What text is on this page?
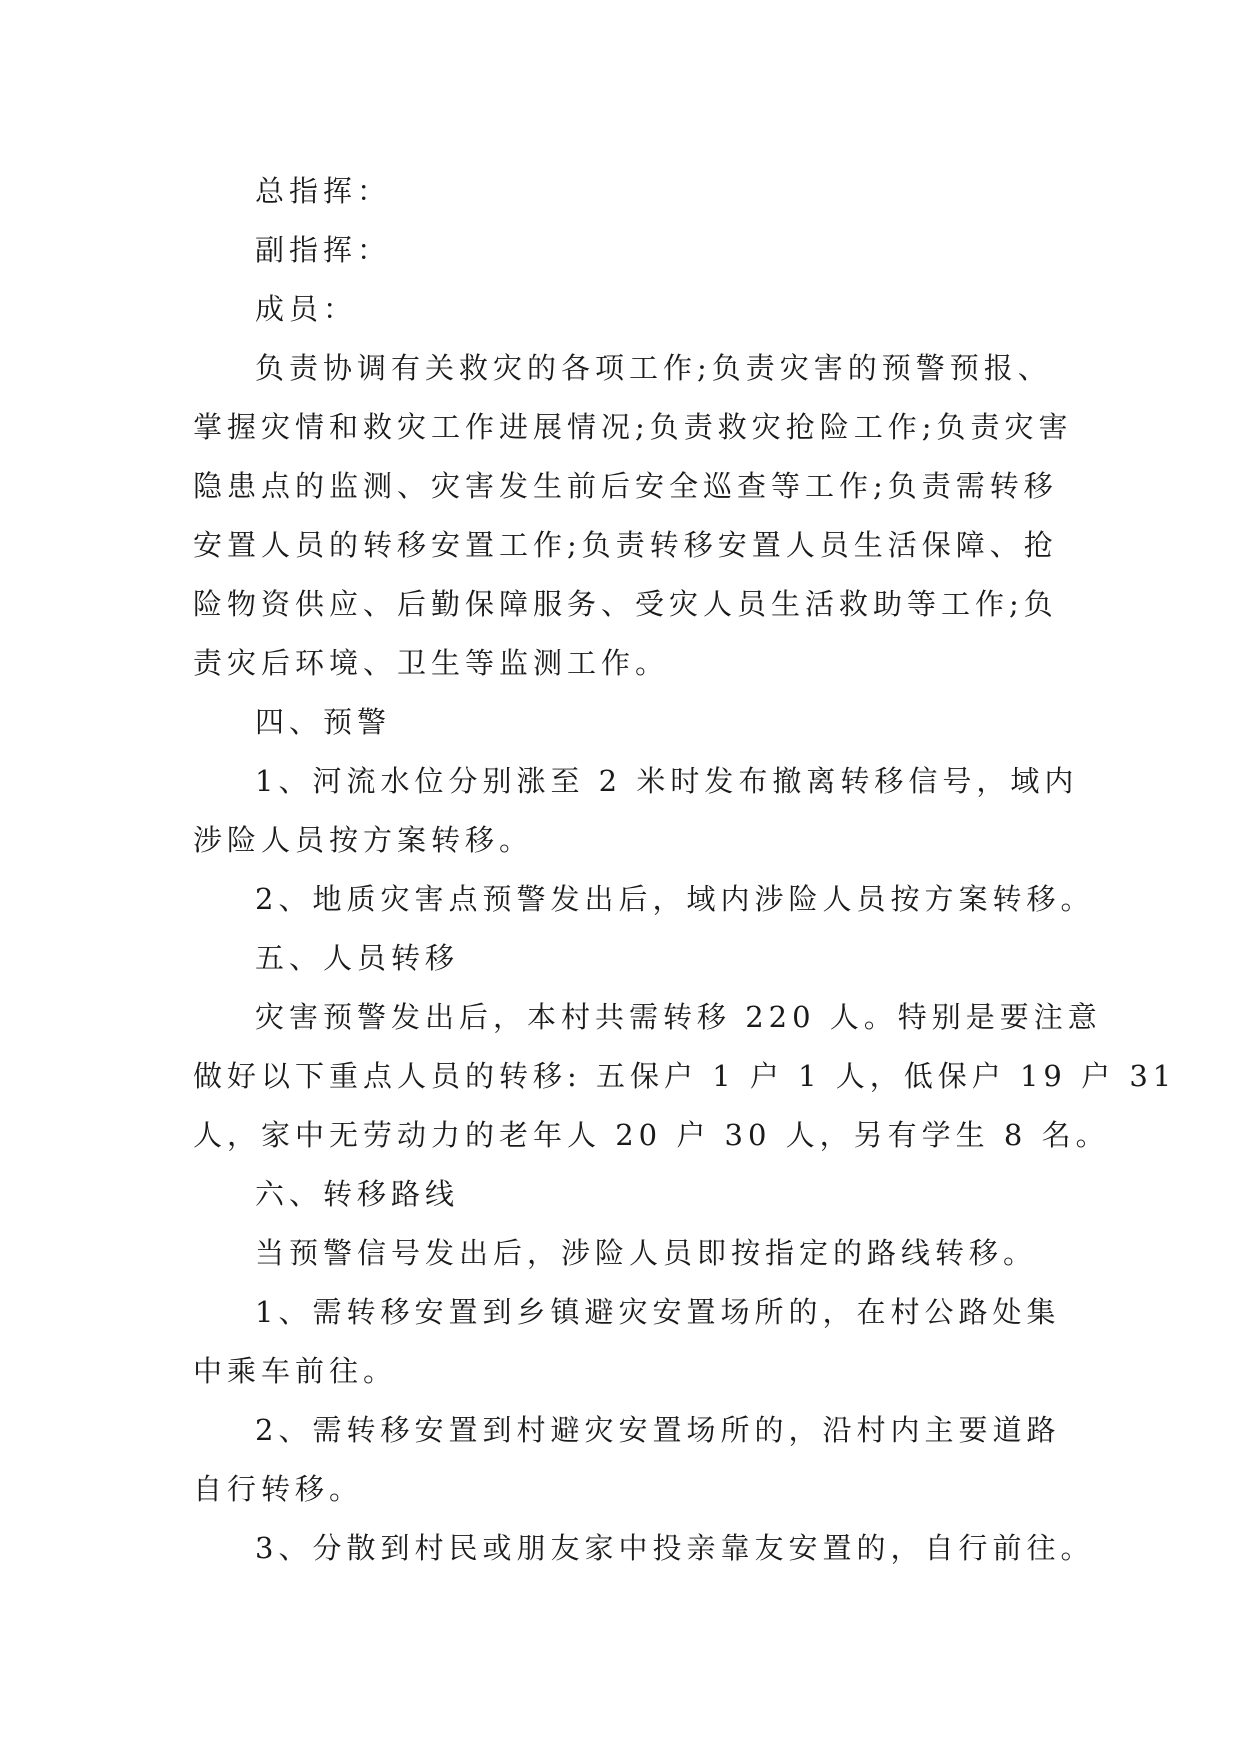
总指挥：

副指挥：

成员：

负责协调有关救灾的各项工作;负责灾害的预警预报、

掌握灾情和救灾工作进展情况;负责救灾抢险工作;负责灾害

隐患点的监测、灾害发生前后安全巡查等工作;负责需转移

安置人员的转移安置工作;负责转移安置人员生活保障、抢

险物资供应、后勤保障服务、受灾人员生活救助等工作;负

责灾后环境、卫生等监测工作。

四、预警

1、河流水位分别涨至 2 米时发布撤离转移信号，域内

涉险人员按方案转移。

2、地质灾害点预警发出后，域内涉险人员按方案转移。

五、人员转移

灾害预警发出后，本村共需转移 220 人。特别是要注意

做好以下重点人员的转移: 五保户 1 户 1 人，低保户 19 户 31

人，家中无劳动力的老年人 20 户 30 人，另有学生 8 名。

六、转移路线

当预警信号发出后，涉险人员即按指定的路线转移。

1、需转移安置到乡镇避灾安置场所的，在村公路处集

中乘车前往。

2、需转移安置到村避灾安置场所的，沿村内主要道路

自行转移。

3、分散到村民或朋友家中投亲靠友安置的，自行前往。
